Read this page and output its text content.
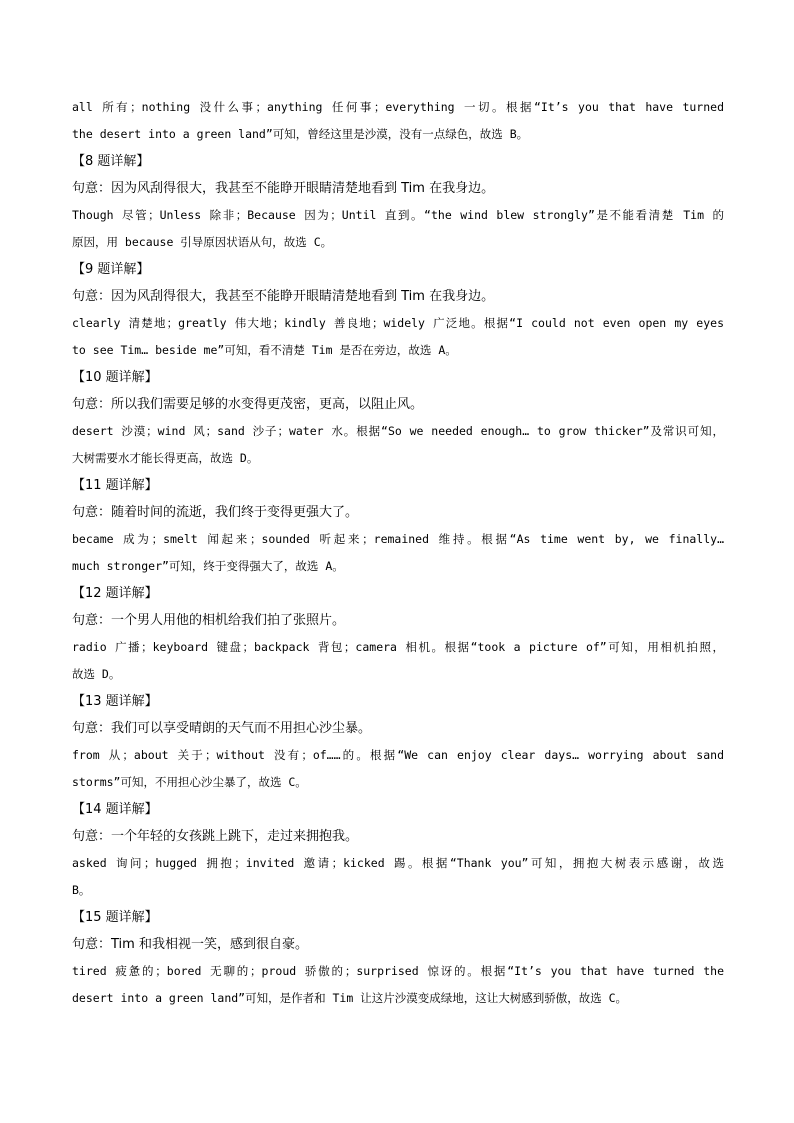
all 所有；nothing 没什么事；anything 任何事；everything 一切。根据“It’s you that have turned
the desert into a green land”可知，曾经这里是沙漠，没有一点绿色，故选 B。
【8 题详解】
句意：因为风刮得很大，我甚至不能睁开眼睛清楚地看到 Tim 在我身边。
Though 尽管；Unless 除非；Because 因为；Until 直到。“the wind blew strongly”是不能看清楚 Tim 的
原因，用 because 引导原因状语从句，故选 C。
【9 题详解】
句意：因为风刮得很大，我甚至不能睁开眼睛清楚地看到 Tim 在我身边。
clearly 清楚地；greatly 伟大地；kindly 善良地；widely 广泛地。根据“I could not even open my eyes
to see Tim… beside me”可知，看不清楚 Tim 是否在旁边，故选 A。
【10 题详解】
句意：所以我们需要足够的水变得更茂密，更高，以阻止风。
desert 沙漠；wind 风；sand 沙子；water 水。根据“So we needed enough… to grow thicker”及常识可知，
大树需要水才能长得更高，故选 D。
【11 题详解】
句意：随着时间的流逝，我们终于变得更强大了。
became 成为；smelt 闻起来；sounded 听起来；remained 维持。根据“As time went by, we finally…
much stronger”可知，终于变得强大了，故选 A。
【12 题详解】
句意：一个男人用他的相机给我们拍了张照片。
radio 广播；keyboard 键盘；backpack 背包；camera 相机。根据“took a picture of”可知，用相机拍照，
故选 D。
【13 题详解】
句意：我们可以享受晴朗的天气而不用担心沙尘暴。
from 从；about 关于；without 没有；of……的。根据“We can enjoy clear days… worrying about sand
storms”可知，不用担心沙尘暴了，故选 C。
【14 题详解】
句意：一个年轻的女孩跳上跳下，走过来拥抱我。
asked 询问；hugged 拥抱；invited 邀请；kicked 踢。根据“Thank you”可知，拥抱大树表示感谢，故选
B。
【15 题详解】
句意：Tim 和我相视一笑，感到很自豪。
tired 疲惫的；bored 无聊的；proud 骄傲的；surprised 惊讶的。根据“It’s you that have turned the
desert into a green land”可知，是作者和 Tim 让这片沙漠变成绿地，这让大树感到骄傲，故选 C。
